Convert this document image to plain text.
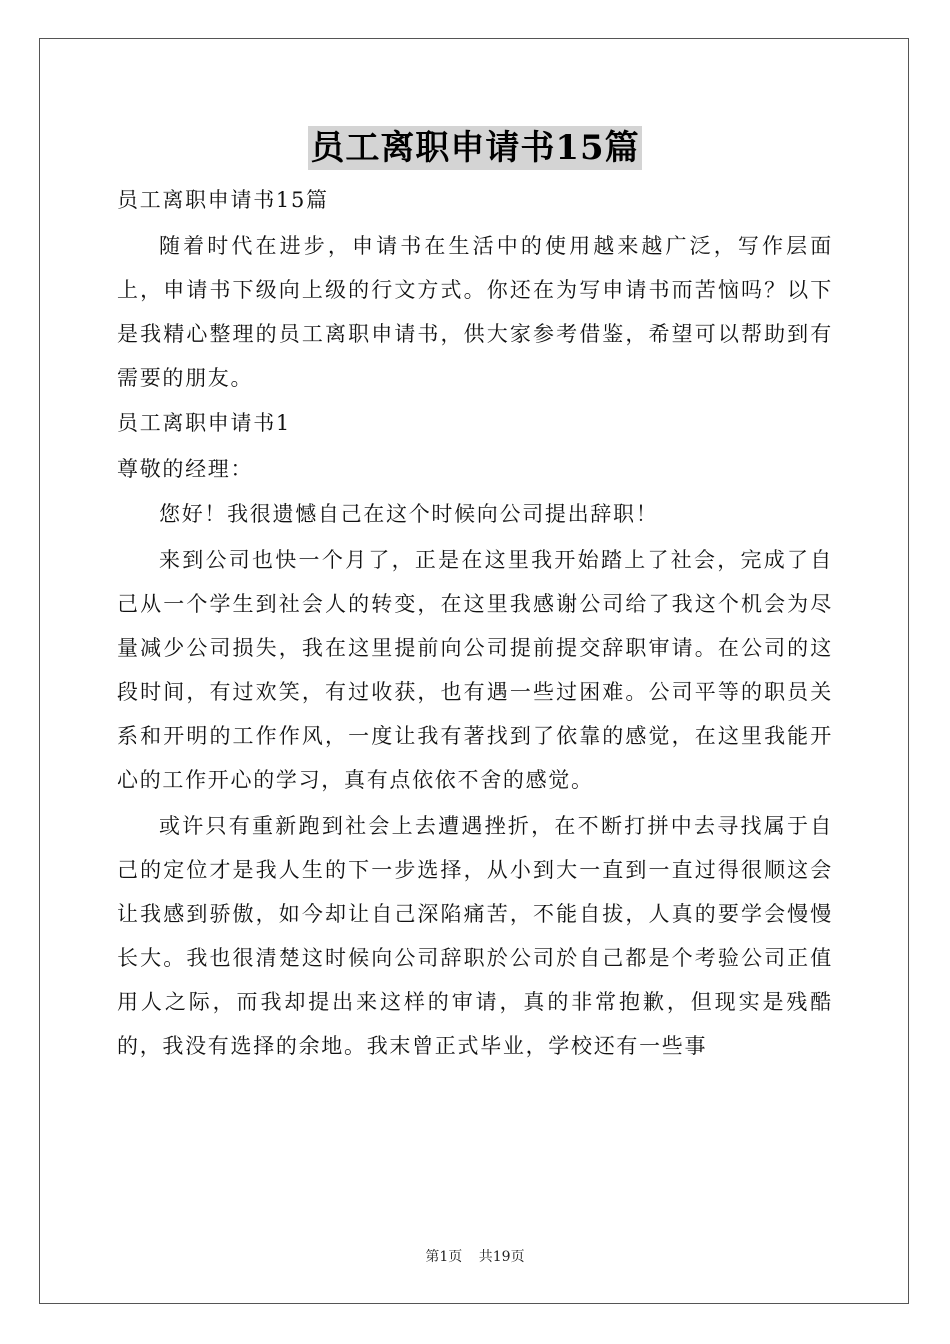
员工离职申请书15篇

员工离职申请书15篇

随着时代在进步，申请书在生活中的使用越来越广泛，写作层面上，申请书下级向上级的行文方式。你还在为写申请书而苦恼吗？以下是我精心整理的员工离职申请书，供大家参考借鉴，希望可以帮助到有需要的朋友。

员工离职申请书1

尊敬的经理：

您好！我很遗憾自己在这个时候向公司提出辞职！

来到公司也快一个月了，正是在这里我开始踏上了社会，完成了自己从一个学生到社会人的转变，在这里我感谢公司给了我这个机会为尽量减少公司损失，我在这里提前向公司提前提交辞职审请。在公司的这段时间，有过欢笑，有过收获，也有遇一些过困难。公司平等的职员关系和开明的工作作风，一度让我有著找到了依靠的感觉，在这里我能开心的工作开心的学习，真有点依依不舍的感觉。

或许只有重新跑到社会上去遭遇挫折，在不断打拼中去寻找属于自己的定位才是我人生的下一步选择，从小到大一直到一直过得很顺这会让我感到骄傲，如今却让自己深陷痛苦，不能自拔，人真的要学会慢慢长大。我也很清楚这时候向公司辞职於公司於自己都是个考验公司正值用人之际，而我却提出来这样的审请，真的非常抱歉，但现实是残酷的，我没有选择的余地。我末曾正式毕业，学校还有一些事

第1页 共19页
